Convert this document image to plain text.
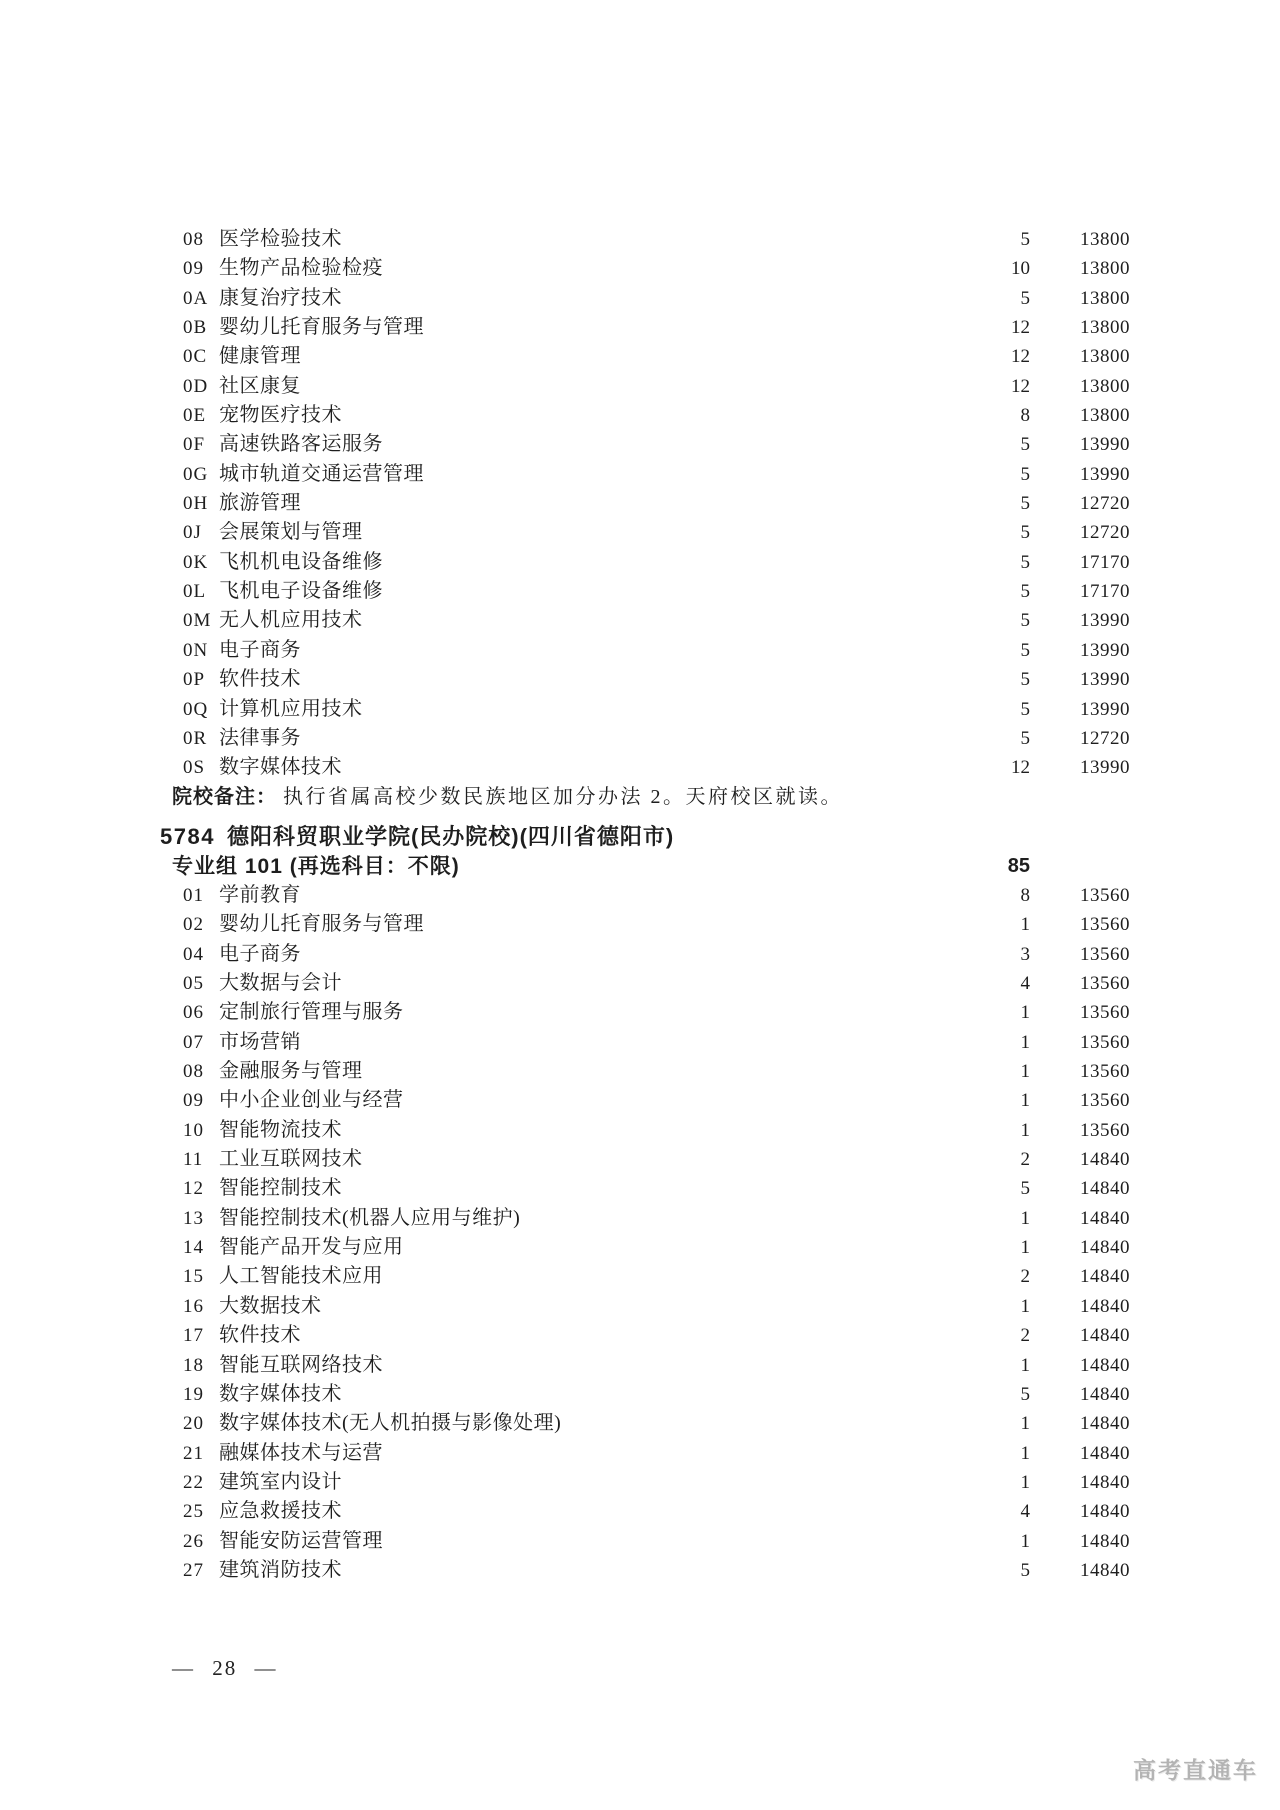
08 医学检验技术	5	13800
09 生物产品检验检疫	10	13800
0A 康复治疗技术	5	13800
0B 婴幼儿托育服务与管理	12	13800
0C 健康管理	12	13800
0D 社区康复	12	13800
0E 宠物医疗技术	8	13800
0F 高速铁路客运服务	5	13990
0G 城市轨道交通运营管理	5	13990
0H 旅游管理	5	12720
0J 会展策划与管理	5	12720
0K 飞机机电设备维修	5	17170
0L 飞机电子设备维修	5	17170
0M 无人机应用技术	5	13990
0N 电子商务	5	13990
0P 软件技术	5	13990
0Q 计算机应用技术	5	13990
0R 法律事务	5	12720
0S 数字媒体技术	12	13990
院校备注： 执行省属高校少数民族地区加分办法 2。天府校区就读。
5784 德阳科贸职业学院(民办院校)(四川省德阳市)
专业组 101 (再选科目：不限)	85
01 学前教育	8	13560
02 婴幼儿托育服务与管理	1	13560
04 电子商务	3	13560
05 大数据与会计	4	13560
06 定制旅行管理与服务	1	13560
07 市场营销	1	13560
08 金融服务与管理	1	13560
09 中小企业创业与经营	1	13560
10 智能物流技术	1	13560
11 工业互联网技术	2	14840
12 智能控制技术	5	14840
13 智能控制技术(机器人应用与维护)	1	14840
14 智能产品开发与应用	1	14840
15 人工智能技术应用	2	14840
16 大数据技术	1	14840
17 软件技术	2	14840
18 智能互联网络技术	1	14840
19 数字媒体技术	5	14840
20 数字媒体技术(无人机拍摄与影像处理)	1	14840
21 融媒体技术与运营	1	14840
22 建筑室内设计	1	14840
25 应急救援技术	4	14840
26 智能安防运营管理	1	14840
27 建筑消防技术	5	14840
— 28 —
高考直通车
